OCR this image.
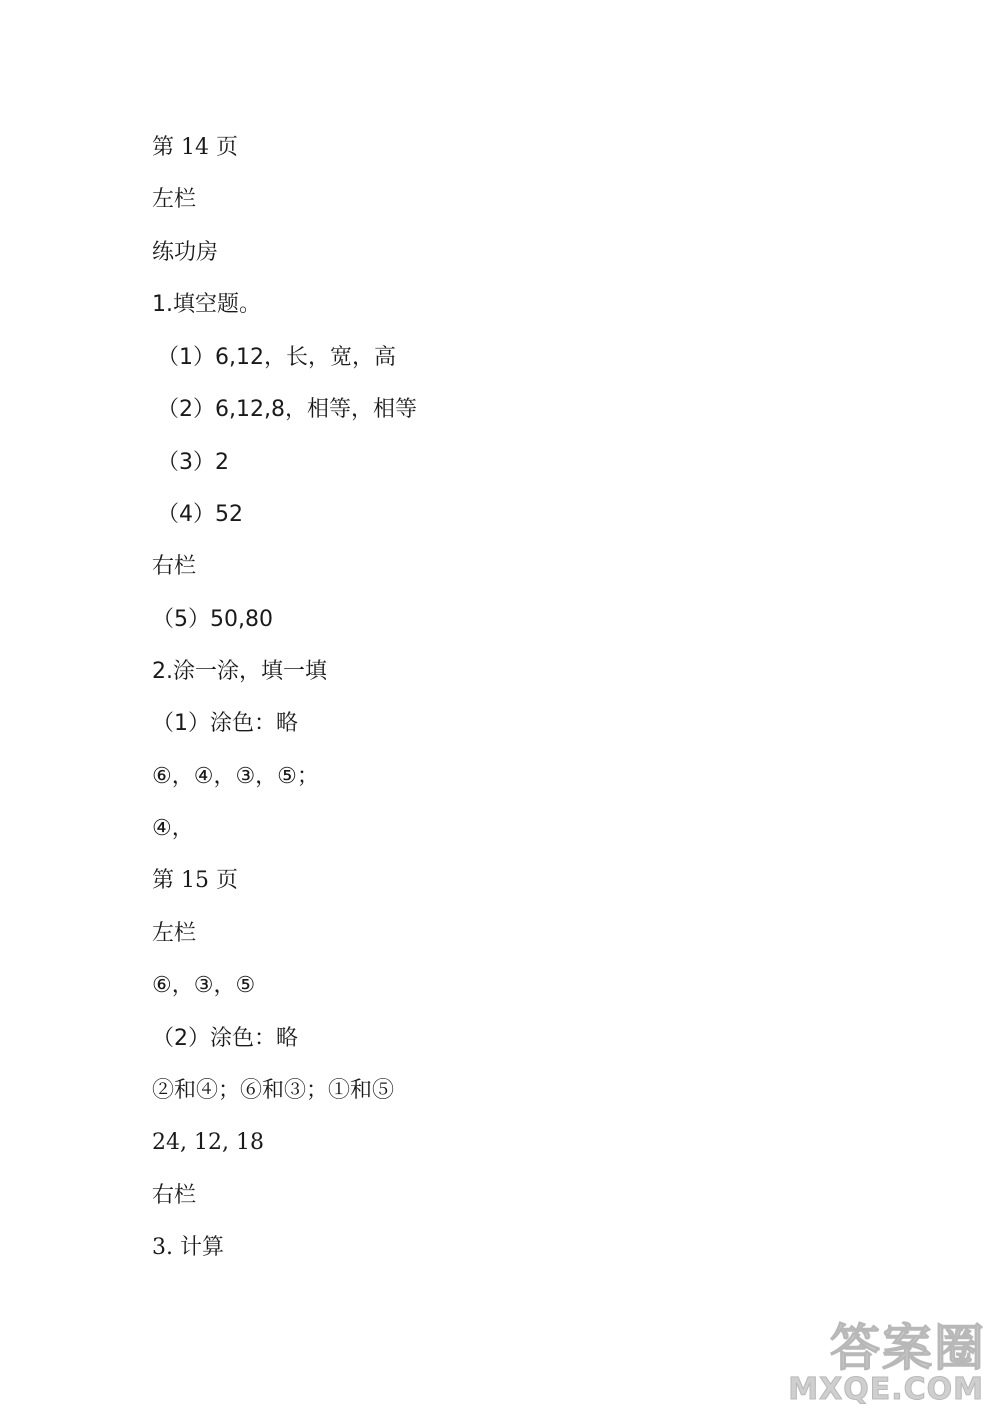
第 14 页
左栏
练功房
1.填空题。
（1）6,12，长，宽，高
（2）6,12,8，相等，相等
（3）2
（4）52
右栏
（5）50,80
2.涂一涂，填一填
（1）涂色：略
⑥，④，③，⑤；
④，
第 15 页
左栏
⑥，③，⑤
（2）涂色：略
②和④；⑥和③；①和⑤
24, 12, 18
右栏
3. 计算
答案圈
MXQE.COM
